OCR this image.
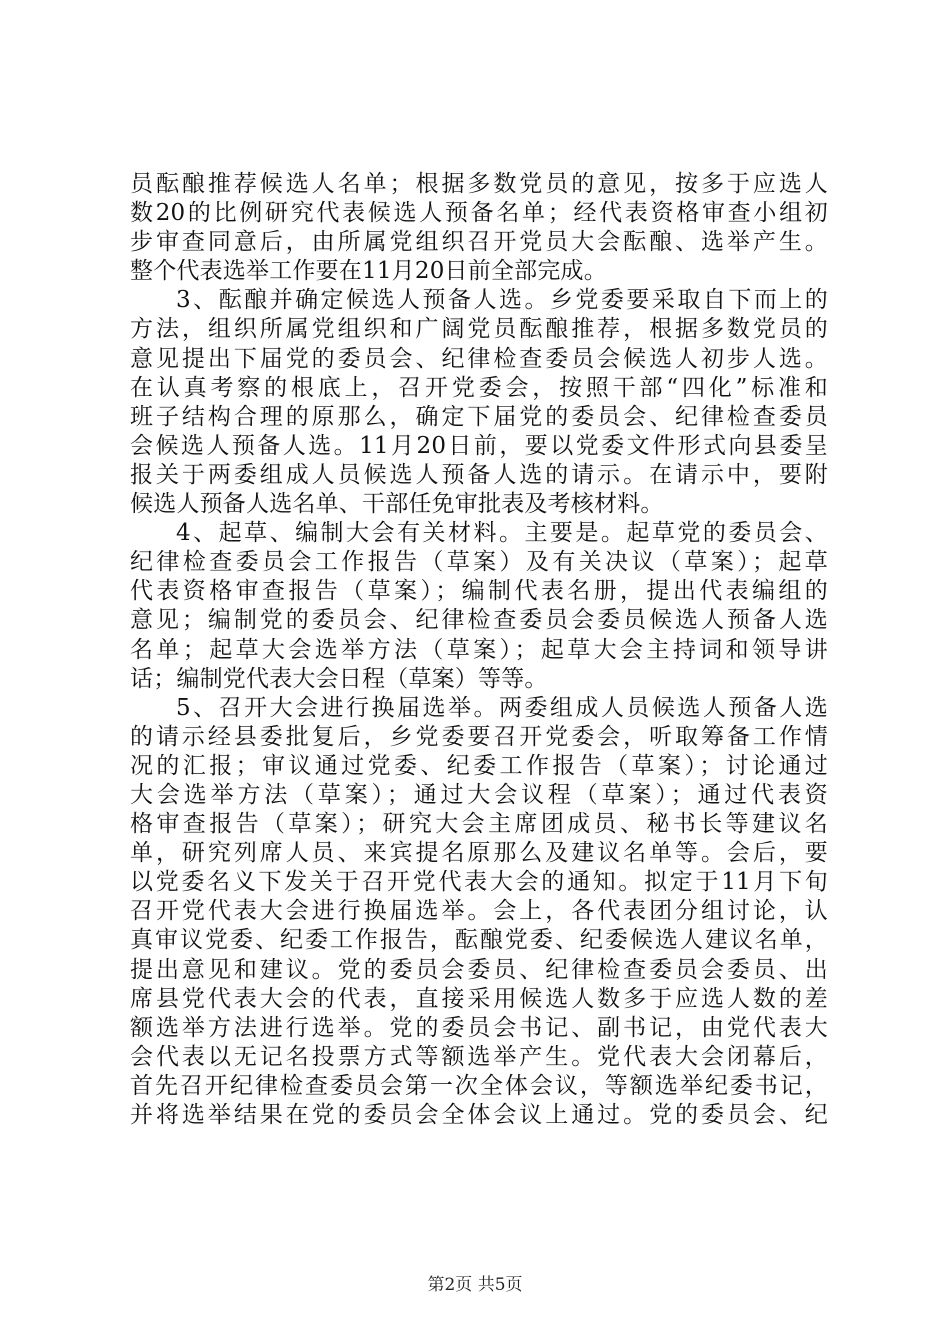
员酝酿推荐候选人名单；根据多数党员的意见，按多于应选人
数20的比例研究代表候选人预备名单；经代表资格审查小组初
步审查同意后，由所属党组织召开党员大会酝酿、选举产生。
整个代表选举工作要在11月20日前全部完成。
3、酝酿并确定候选人预备人选。乡党委要采取自下而上的
方法，组织所属党组织和广阔党员酝酿推荐，根据多数党员的
意见提出下届党的委员会、纪律检查委员会候选人初步人选。
在认真考察的根底上，召开党委会，按照干部“四化”标准和
班子结构合理的原那么，确定下届党的委员会、纪律检查委员
会候选人预备人选。11月20日前，要以党委文件形式向县委呈
报关于两委组成人员候选人预备人选的请示。在请示中，要附
候选人预备人选名单、干部任免审批表及考核材料。
4、起草、编制大会有关材料。主要是。起草党的委员会、
纪律检查委员会工作报告（草案）及有关决议（草案）；起草
代表资格审查报告（草案）；编制代表名册，提出代表编组的
意见；编制党的委员会、纪律检查委员会委员候选人预备人选
名单；起草大会选举方法（草案）；起草大会主持词和领导讲
话；编制党代表大会日程（草案）等等。
5、召开大会进行换届选举。两委组成人员候选人预备人选
的请示经县委批复后，乡党委要召开党委会，听取筹备工作情
况的汇报；审议通过党委、纪委工作报告（草案）；讨论通过
大会选举方法（草案）；通过大会议程（草案）；通过代表资
格审查报告（草案）；研究大会主席团成员、秘书长等建议名
单，研究列席人员、来宾提名原那么及建议名单等。会后，要
以党委名义下发关于召开党代表大会的通知。拟定于11月下旬
召开党代表大会进行换届选举。会上，各代表团分组讨论，认
真审议党委、纪委工作报告，酝酿党委、纪委候选人建议名单，
提出意见和建议。党的委员会委员、纪律检查委员会委员、出
席县党代表大会的代表，直接采用候选人数多于应选人数的差
额选举方法进行选举。党的委员会书记、副书记，由党代表大
会代表以无记名投票方式等额选举产生。党代表大会闭幕后，
首先召开纪律检查委员会第一次全体会议，等额选举纪委书记，
并将选举结果在党的委员会全体会议上通过。党的委员会、纪
第2页 共5页
